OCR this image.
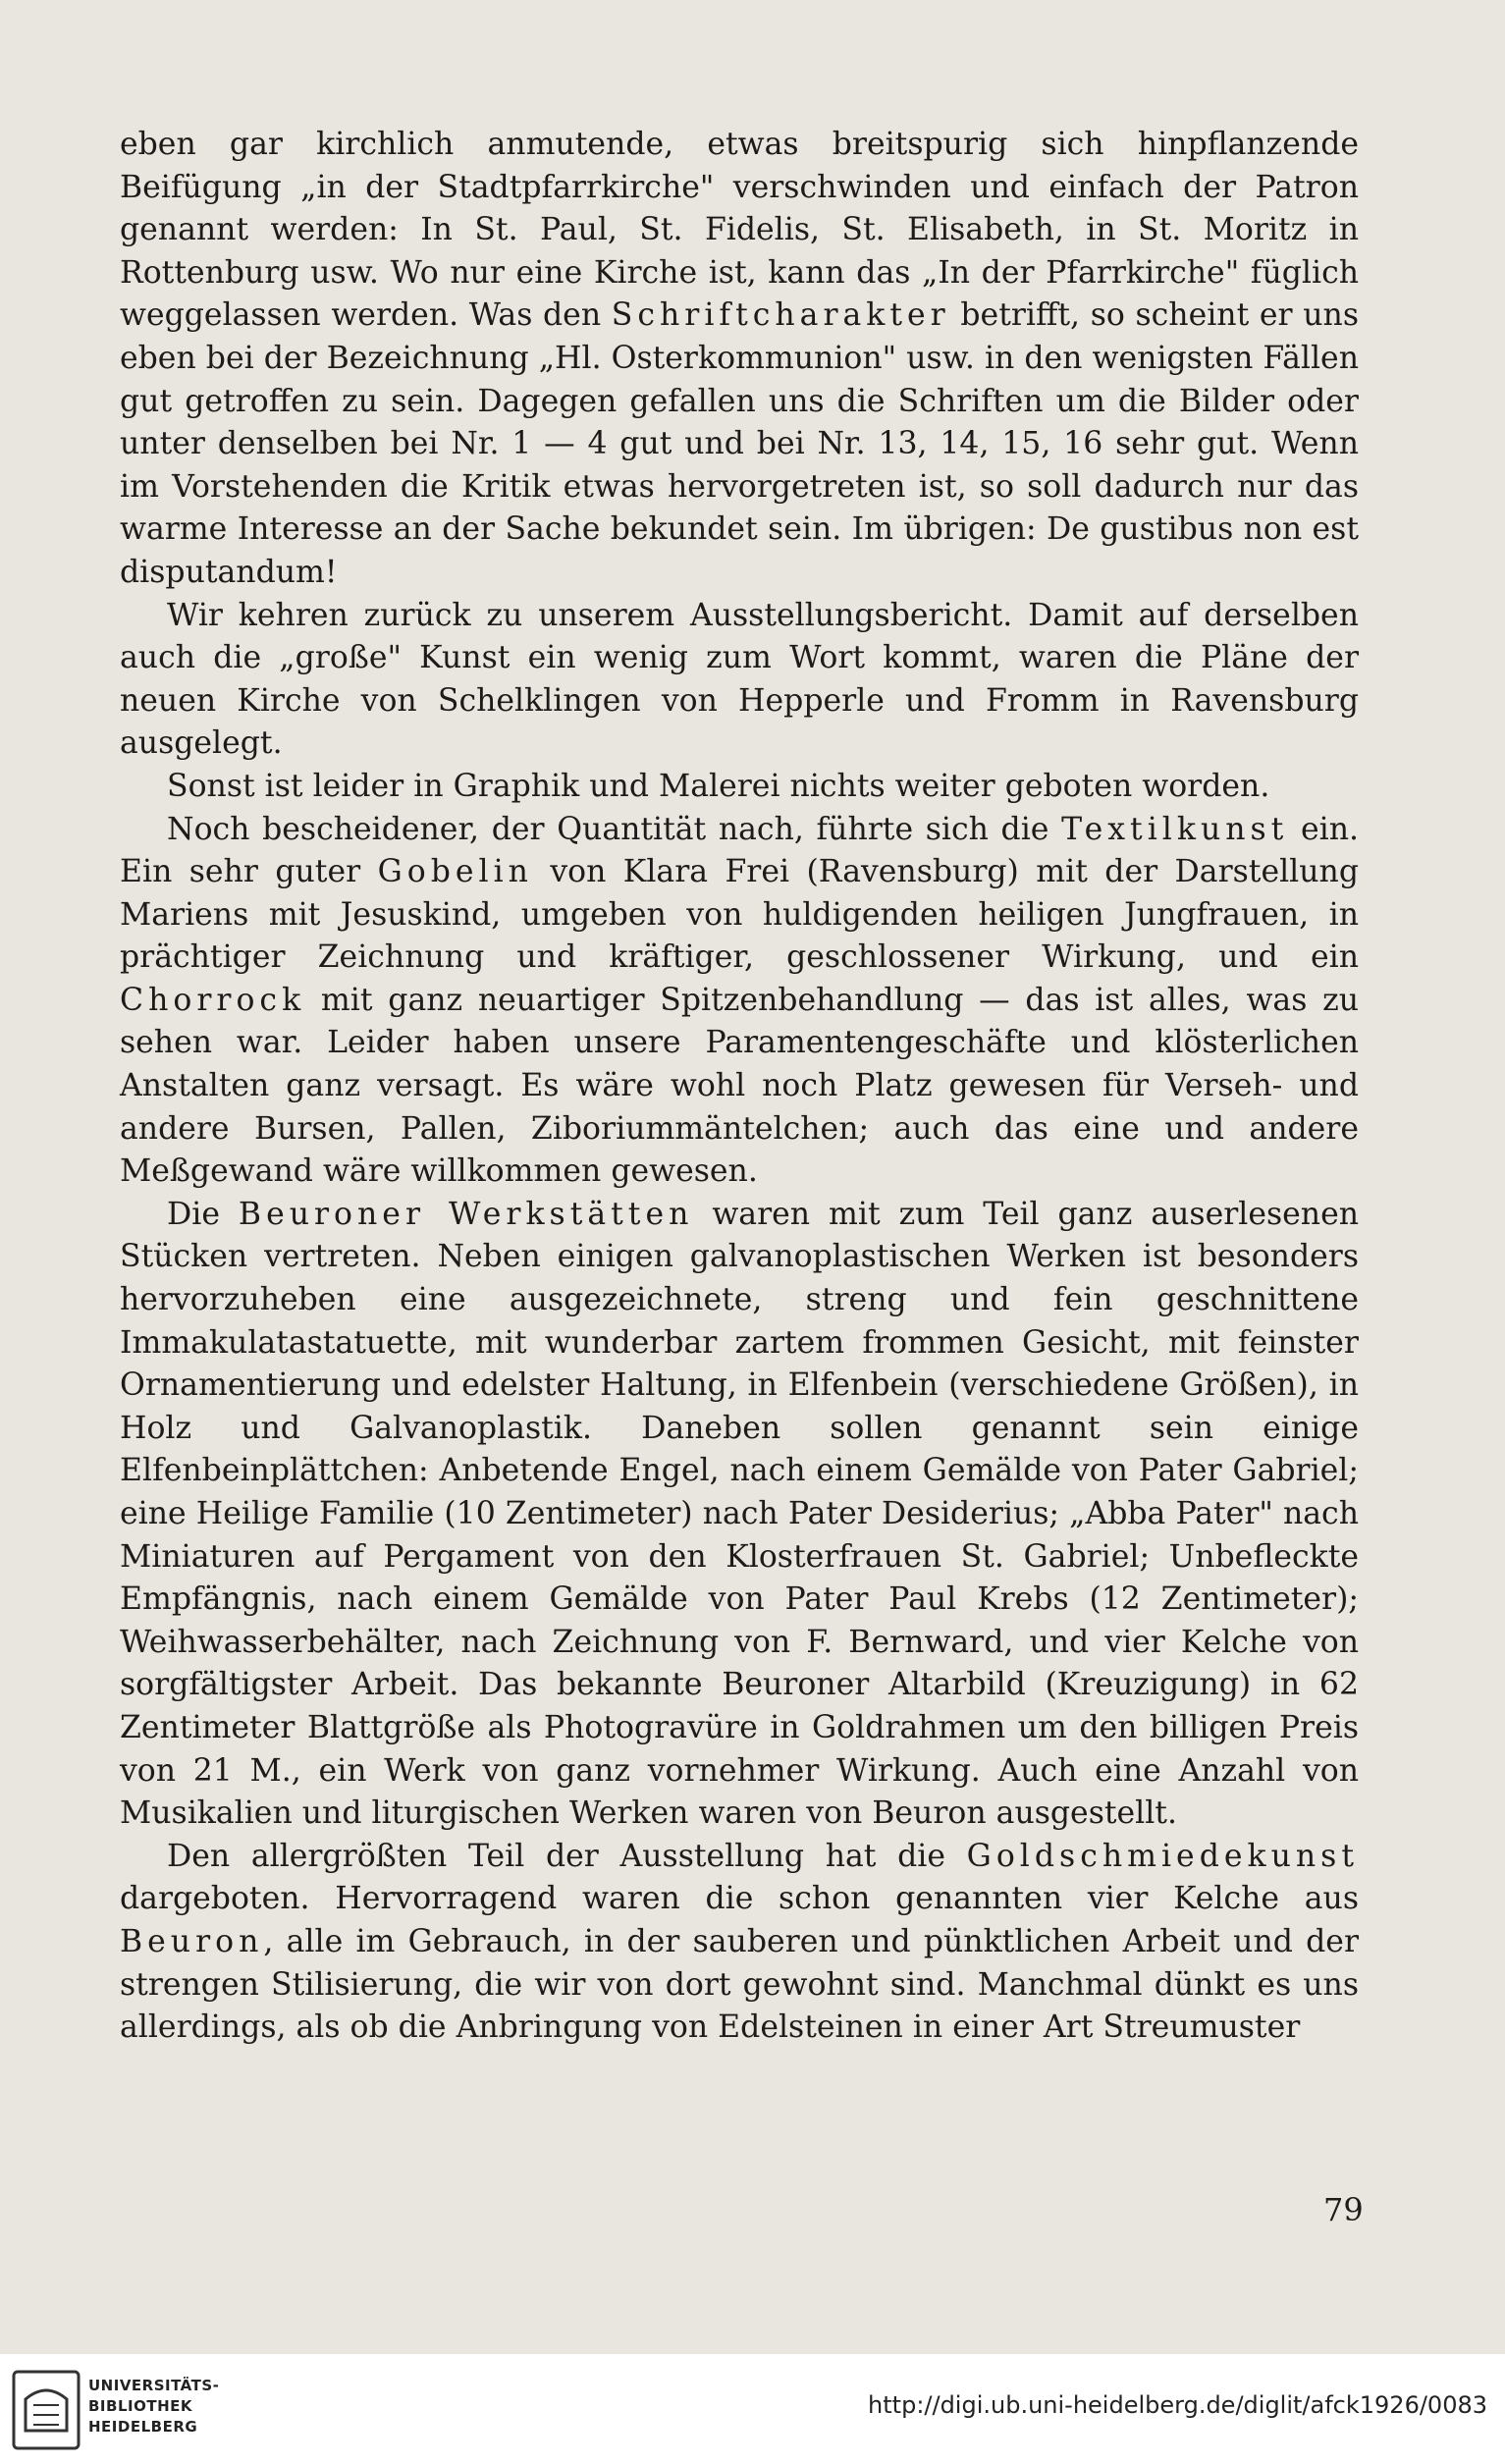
eben gar kirchlich anmutende, etwas breitspurig sich hinpflanzende Beifügung „in der Stadtpfarrkirche" verschwinden und einfach der Patron genannt werden: In St. Paul, St. Fidelis, St. Elisabeth, in St. Moritz in Rottenburg usw. Wo nur eine Kirche ist, kann das „In der Pfarrkirche" füglich weggelassen werden. Was den Schriftcharakter betrifft, so scheint er uns eben bei der Bezeichnung „Hl. Osterkommunion" usw. in den wenigsten Fällen gut getroffen zu sein. Dagegen gefallen uns die Schriften um die Bilder oder unter denselben bei Nr. 1 — 4 gut und bei Nr. 13, 14, 15, 16 sehr gut. Wenn im Vorstehenden die Kritik etwas hervorgetreten ist, so soll dadurch nur das warme Interesse an der Sache bekundet sein. Im übrigen: De gustibus non est disputandum!

Wir kehren zurück zu unserem Ausstellungsbericht. Damit auf derselben auch die „große" Kunst ein wenig zum Wort kommt, waren die Pläne der neuen Kirche von Schelklingen von Hepperle und Fromm in Ravensburg ausgelegt.

Sonst ist leider in Graphik und Malerei nichts weiter geboten worden.

Noch bescheidener, der Quantität nach, führte sich die Textilkunst ein. Ein sehr guter Gobelin von Klara Frei (Ravensburg) mit der Darstellung Mariens mit Jesuskind, umgeben von huldigenden heiligen Jungfrauen, in prächtiger Zeichnung und kräftiger, geschlossener Wirkung, und ein Chorrock mit ganz neuartiger Spitzenbehandlung — das ist alles, was zu sehen war. Leider haben unsere Paramentengeschäfte und klösterlichen Anstalten ganz versagt. Es wäre wohl noch Platz gewesen für Verseh- und andere Bursen, Pallen, Ziboriummäntelchen; auch das eine und andere Meßgewand wäre willkommen gewesen.

Die Beuroner Werkstätten waren mit zum Teil ganz auserlesenen Stücken vertreten. Neben einigen galvanoplastischen Werken ist besonders hervorzuheben eine ausgezeichnete, streng und fein geschnittene Immakulatastatuette, mit wunderbar zartem frommen Gesicht, mit feinster Ornamentierung und edelster Haltung, in Elfenbein (verschiedene Größen), in Holz und Galvanoplastik. Daneben sollen genannt sein einige Elfenbeinplättchen: Anbetende Engel, nach einem Gemälde von Pater Gabriel; eine Heilige Familie (10 Zentimeter) nach Pater Desiderius; „Abba Pater" nach Miniaturen auf Pergament von den Klosterfrauen St. Gabriel; Unbefleckte Empfängnis, nach einem Gemälde von Pater Paul Krebs (12 Zentimeter); Weihwasserbehälter, nach Zeichnung von F. Bernward, und vier Kelche von sorgfältigster Arbeit. Das bekannte Beuroner Altarbild (Kreuzigung) in 62 Zentimeter Blattgröße als Photogravüre in Goldrahmen um den billigen Preis von 21 M., ein Werk von ganz vornehmer Wirkung. Auch eine Anzahl von Musikalien und liturgischen Werken waren von Beuron ausgestellt.

Den allergrößten Teil der Ausstellung hat die Goldschmiedekunst dargeboten. Hervorragend waren die schon genannten vier Kelche aus Beuron, alle im Gebrauch, in der sauberen und pünktlichen Arbeit und der strengen Stilisierung, die wir von dort gewohnt sind. Manchmal dünkt es uns allerdings, als ob die Anbringung von Edelsteinen in einer Art Streumuster

79
UNIVERSITÄTS-
BIBLIOTHEK
HEIDELBERG
http://digi.ub.uni-heidelberg.de/diglit/afck1926/0083
